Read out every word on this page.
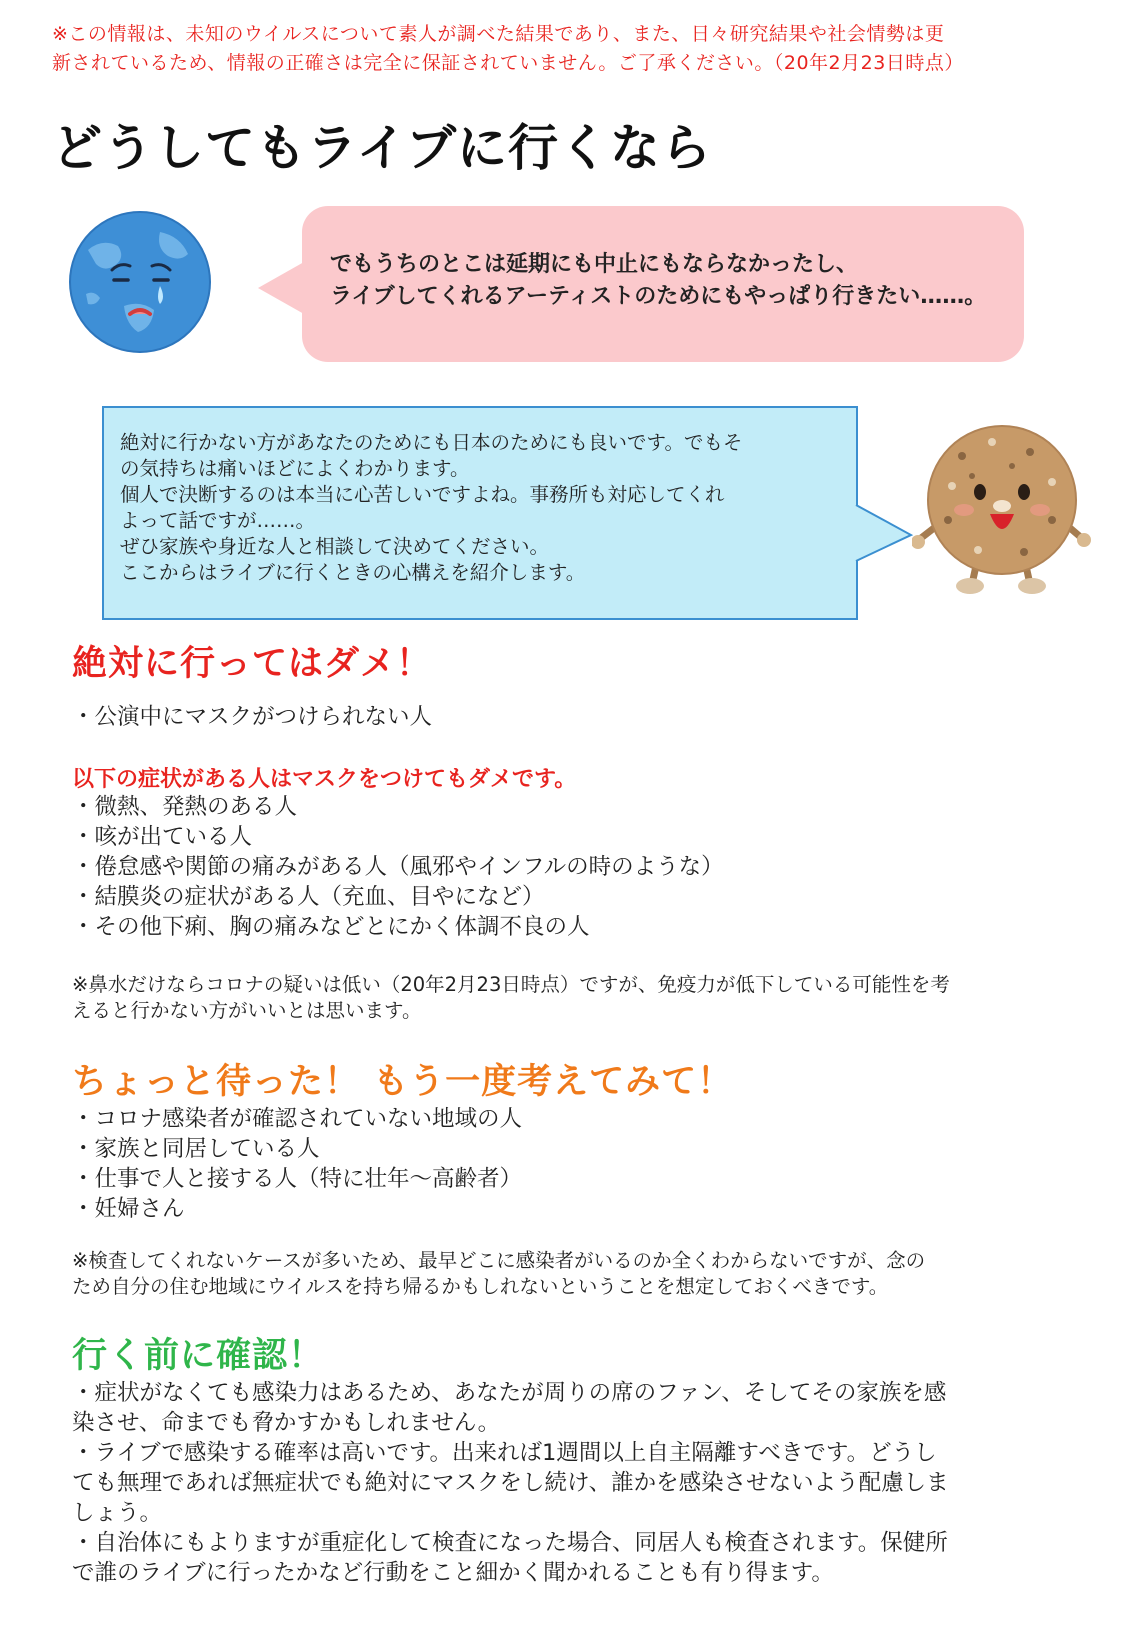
※この情報は、未知のウイルスについて素人が調べた結果であり、また、日々研究結果や社会情勢は更
新されているため、情報の正確さは完全に保証されていません。ご了承ください。（20年2月23日時点）
どうしてもライブに行くなら
でもうちのとこは延期にも中止にもならなかったし、
ライブしてくれるアーティストのためにもやっぱり行きたい……。
絶対に行かない方があなたのためにも日本のためにも良いです。でもそ
の気持ちは痛いほどによくわかります。
個人で決断するのは本当に心苦しいですよね。事務所も対応してくれ
よって話ですが……。
ぜひ家族や身近な人と相談して決めてください。
ここからはライブに行くときの心構えを紹介します。
絶対に行ってはダメ！
・公演中にマスクがつけられない人
以下の症状がある人はマスクをつけてもダメです。
・微熱、発熱のある人
・咳が出ている人
・倦怠感や関節の痛みがある人（風邪やインフルの時のような）
・結膜炎の症状がある人（充血、目やになど）
・その他下痢、胸の痛みなどとにかく体調不良の人
※鼻水だけならコロナの疑いは低い（20年2月23日時点）ですが、免疫力が低下している可能性を考
えると行かない方がいいとは思います。
ちょっと待った！ もう一度考えてみて！
・コロナ感染者が確認されていない地域の人
・家族と同居している人
・仕事で人と接する人（特に壮年〜高齢者）
・妊婦さん
※検査してくれないケースが多いため、最早どこに感染者がいるのか全くわからないですが、念の
ため自分の住む地域にウイルスを持ち帰るかもしれないということを想定しておくべきです。
行く前に確認！
・症状がなくても感染力はあるため、あなたが周りの席のファン、そしてその家族を感
染させ、命までも脅かすかもしれません。
・ライブで感染する確率は高いです。出来れば1週間以上自主隔離すべきです。どうし
ても無理であれば無症状でも絶対にマスクをし続け、誰かを感染させないよう配慮しま
しょう。
・自治体にもよりますが重症化して検査になった場合、同居人も検査されます。保健所
で誰のライブに行ったかなど行動をこと細かく聞かれることも有り得ます。
